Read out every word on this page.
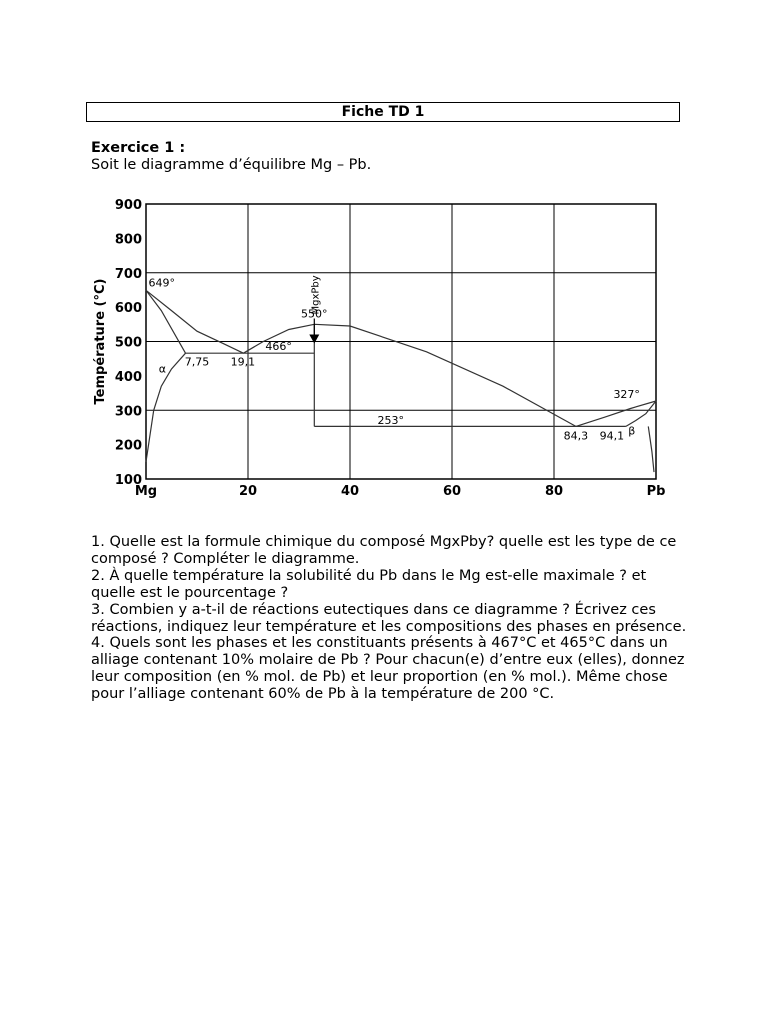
Fiche TD 1
Exercice 1 :
Soit le diagramme d’équilibre Mg – Pb.
100
200
300
400
500
600
700
800
900
Mg	20	40	60	80	Pb
Température (°C)	649°
550°
466°
253°
327°
α
β
7,75 19,1
84,3 94,1
MgxPby

1. Quelle est la formule chimique du composé MgxPby? quelle est les type de ce composé ? Compléter le diagramme.

2. À quelle température la solubilité du Pb dans le Mg est-elle maximale ? et quelle est le pourcentage ?

3. Combien y a-t-il de réactions eutectiques dans ce diagramme ? Écrivez ces réactions, indiquez leur température et les compositions des phases en présence.

4. Quels sont les phases et les constituants présents à 467°C et 465°C dans un alliage contenant 10% molaire de Pb ? Pour chacun(e) d’entre eux (elles), donnez leur composition (en % mol. de Pb) et leur proportion (en % mol.). Même chose pour l’alliage contenant 60% de Pb à la température de 200 °C.
